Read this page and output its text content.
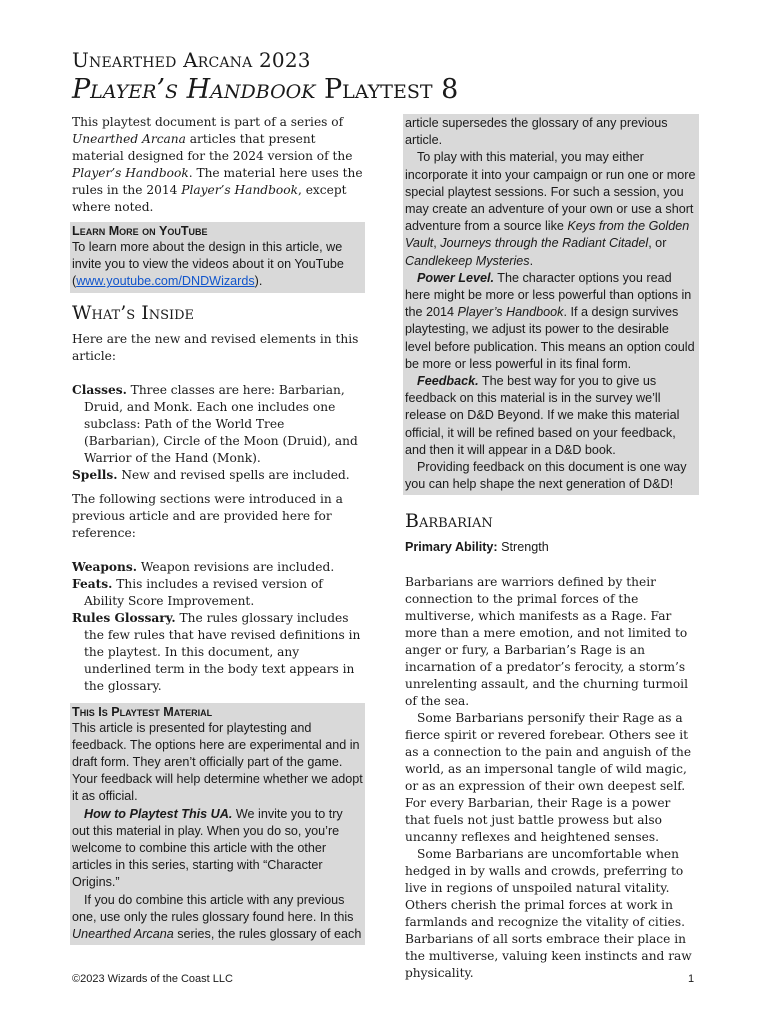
Unearthed Arcana 2023
Player’s Handbook Playtest 8

This playtest document is part of a series of Unearthed Arcana articles that present material designed for the 2024 version of the Player’s Handbook. The material here uses the rules in the 2014 Player’s Handbook, except where noted.

Learn More on YouTube

To learn more about the design in this article, we invite you to view the videos about it on YouTube (www.youtube.com/DNDWizards).

What’s Inside

Here are the new and revised elements in this article:

Classes. Three classes are here: Barbarian, Druid, and Monk. Each one includes one subclass: Path of the World Tree (Barbarian), Circle of the Moon (Druid), and Warrior of the Hand (Monk).

Spells. New and revised spells are included.

The following sections were introduced in a previous article and are provided here for reference:

Weapons. Weapon revisions are included.

Feats. This includes a revised version of Ability Score Improvement.

Rules Glossary. The rules glossary includes the few rules that have revised definitions in the playtest. In this document, any underlined term in the body text appears in the glossary.

This Is Playtest Material

This article is presented for playtesting and feedback. The options here are experimental and in draft form. They aren’t officially part of the game. Your feedback will help determine whether we adopt it as official.

How to Playtest This UA. We invite you to try out this material in play. When you do so, you’re welcome to combine this article with the other articles in this series, starting with “Character Origins.”

If you do combine this article with any previous one, use only the rules glossary found here. In this Unearthed Arcana series, the rules glossary of each

article supersedes the glossary of any previous article.

To play with this material, you may either incorporate it into your campaign or run one or more special playtest sessions. For such a session, you may create an adventure of your own or use a short adventure from a source like Keys from the Golden Vault, Journeys through the Radiant Citadel, or Candlekeep Mysteries.

Power Level. The character options you read here might be more or less powerful than options in the 2014 Player’s Handbook. If a design survives playtesting, we adjust its power to the desirable level before publication. This means an option could be more or less powerful in its final form.

Feedback. The best way for you to give us feedback on this material is in the survey we’ll release on D&D Beyond. If we make this material official, it will be refined based on your feedback, and then it will appear in a D&D book.

Providing feedback on this document is one way you can help shape the next generation of D&D!

Barbarian

Primary Ability: Strength

Barbarians are warriors defined by their connection to the primal forces of the multiverse, which manifests as a Rage. Far more than a mere emotion, and not limited to anger or fury, a Barbarian’s Rage is an incarnation of a predator’s ferocity, a storm’s unrelenting assault, and the churning turmoil of the sea.

Some Barbarians personify their Rage as a fierce spirit or revered forebear. Others see it as a connection to the pain and anguish of the world, as an impersonal tangle of wild magic, or as an expression of their own deepest self. For every Barbarian, their Rage is a power that fuels not just battle prowess but also uncanny reflexes and heightened senses.

Some Barbarians are uncomfortable when hedged in by walls and crowds, preferring to live in regions of unspoiled natural vitality. Others cherish the primal forces at work in farmlands and recognize the vitality of cities. Barbarians of all sorts embrace their place in the multiverse, valuing keen instincts and raw physicality.

©2023 Wizards of the Coast LLC	1
